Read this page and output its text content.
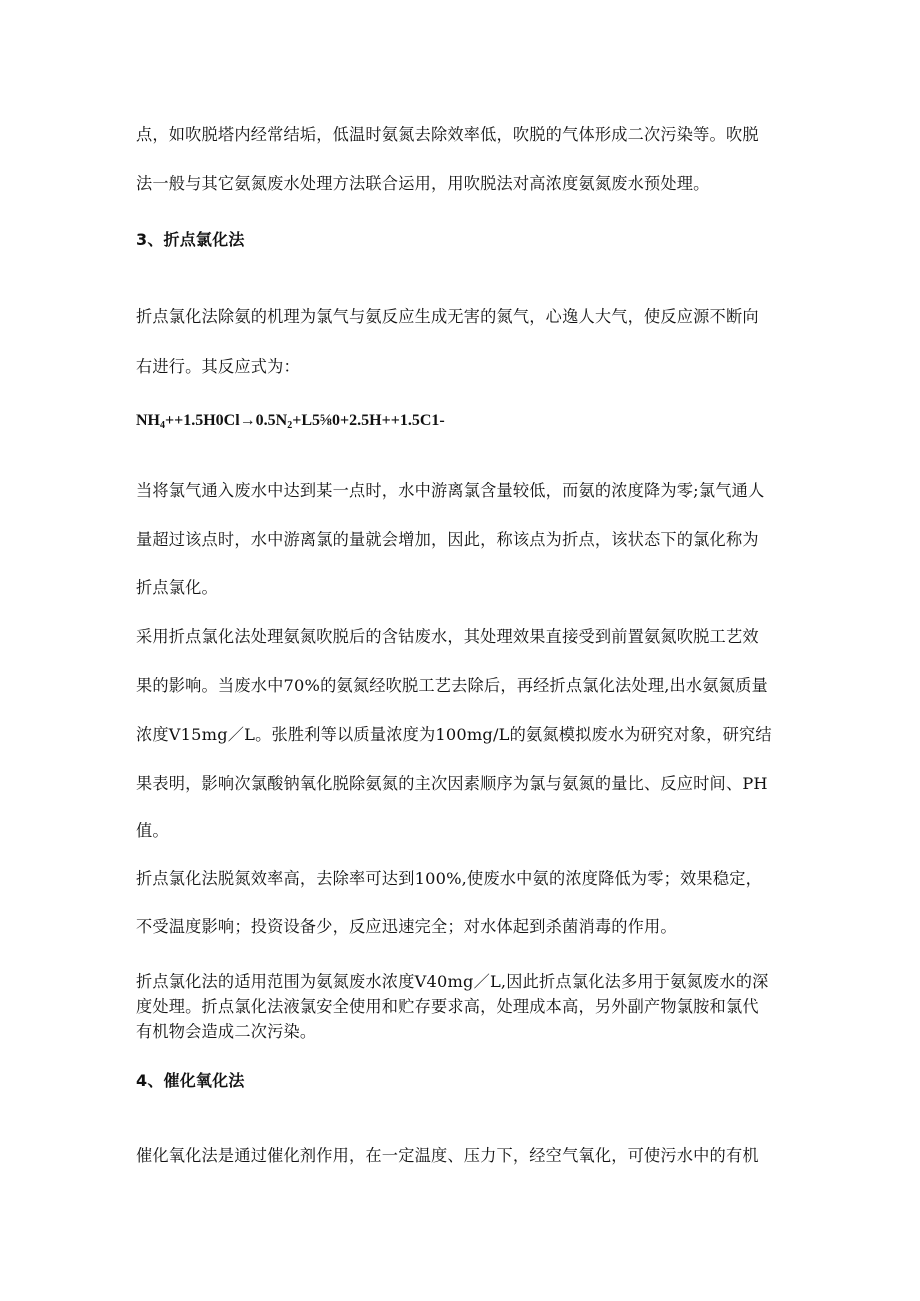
点，如吹脱塔内经常结垢，低温时氨氮去除效率低，吹脱的气体形成二次污染等。吹脱
法一般与其它氨氮废水处理方法联合运用，用吹脱法对高浓度氨氮废水预处理。
3、折点氯化法
折点氯化法除氨的机理为氯气与氨反应生成无害的氮气，心逸人大气，使反应源不断向
右进行。其反应式为：
$NH_4++1.5H0Cl\to 0.5N_2+L5\frac{5}{8}0+2.5H++1.5C1-$
当将氯气通入废水中达到某一点时，水中游离氯含量较低，而氨的浓度降为零;氯气通人
量超过该点时，水中游离氯的量就会增加，因此，称该点为折点，该状态下的氯化称为
折点氯化。
采用折点氯化法处理氨氮吹脱后的含钴废水，其处理效果直接受到前置氨氮吹脱工艺效
果的影响。当废水中70%的氨氮经吹脱工艺去除后，再经折点氯化法处理,出水氨氮质量
浓度V15mg／L。张胜利等以质量浓度为100mg/L的氨氮模拟废水为研究对象，研究结
果表明，影响次氯酸钠氧化脱除氨氮的主次因素顺序为氯与氨氮的量比、反应时间、PH
值。
折点氯化法脱氮效率高，去除率可达到100%,使废水中氨的浓度降低为零；效果稳定，
不受温度影响；投资设备少，反应迅速完全；对水体起到杀菌消毒的作用。
折点氯化法的适用范围为氨氮废水浓度V40mg／L,因此折点氯化法多用于氨氮废水的深
度处理。折点氯化法液氯安全使用和贮存要求高，处理成本高，另外副产物氯胺和氯代
有机物会造成二次污染。
4、催化氧化法
催化氧化法是通过催化剂作用，在一定温度、压力下，经空气氧化，可使污水中的有机
